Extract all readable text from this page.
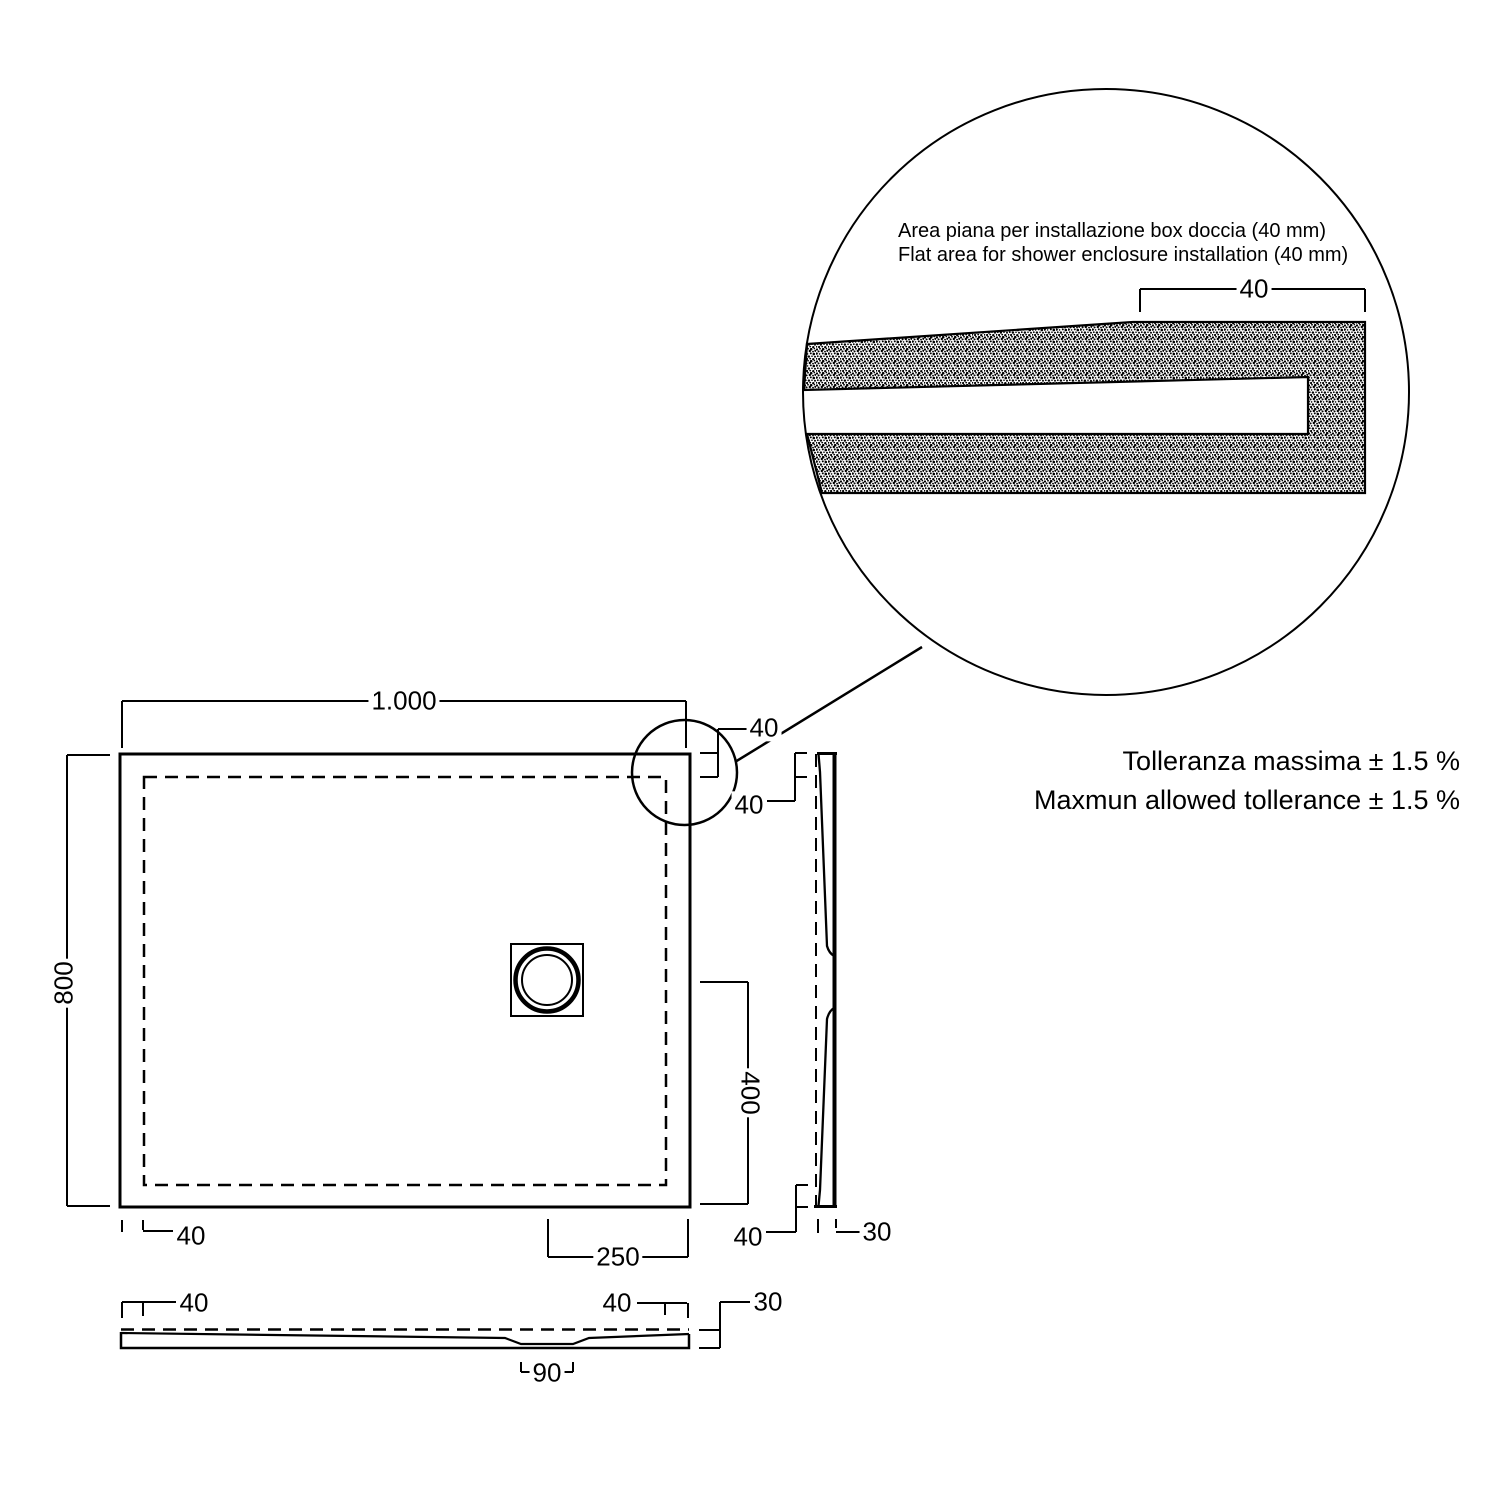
Area piana per installazione box doccia (40 mm)
Flat area for shower enclosure installation (40 mm)
40
Tolleranza massima ± 1.5 %
Maxmun allowed tollerance ± 1.5 %
1.000
800
400
250
40
40
40
40	30
40	40	30
90
